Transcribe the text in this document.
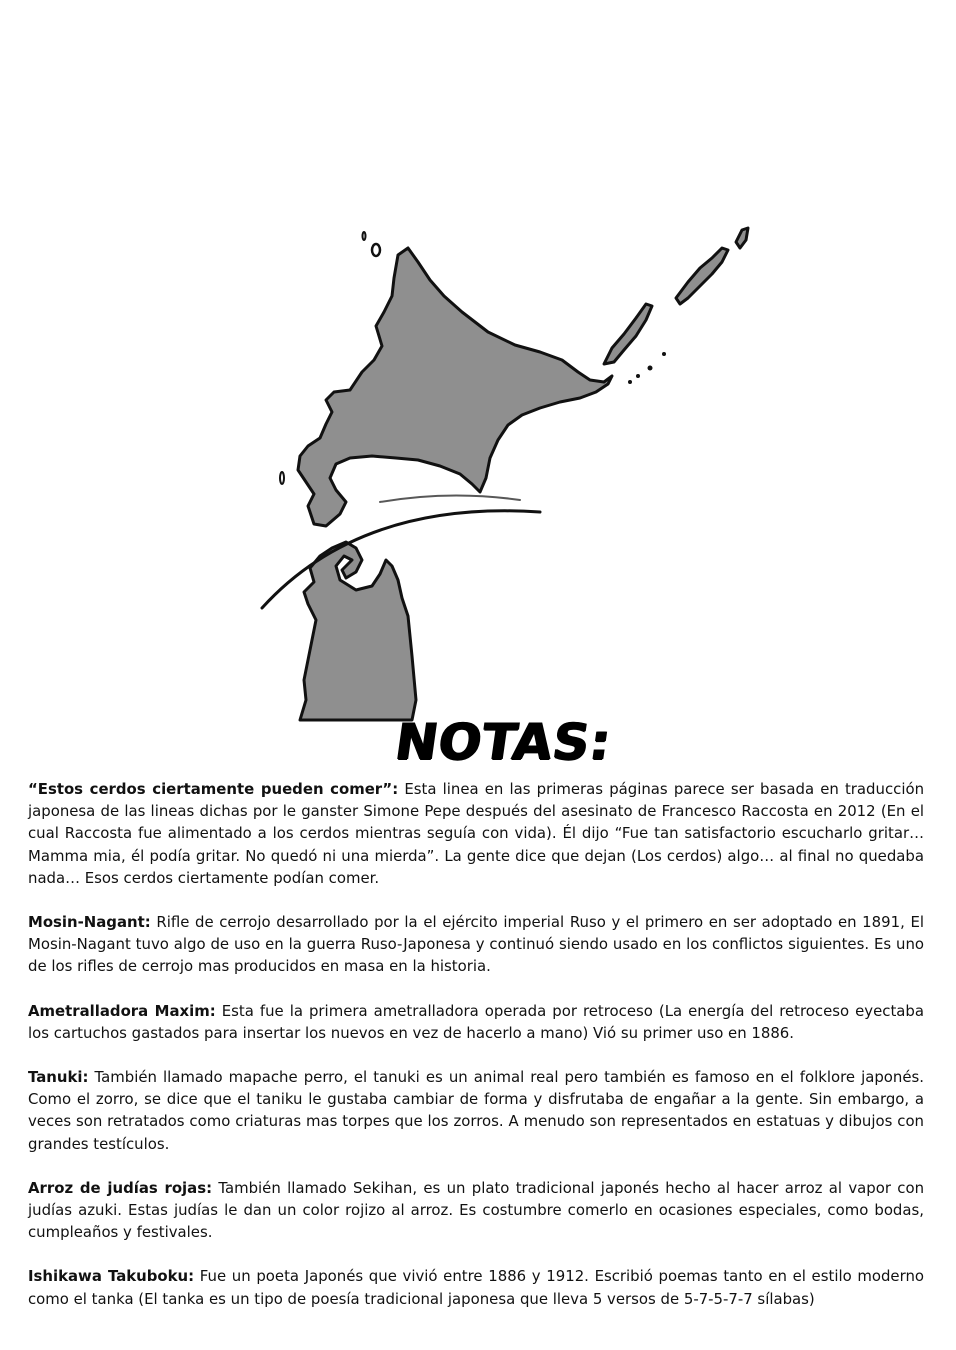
NOTAS:

“Estos cerdos ciertamente pueden comer”: Esta linea en las primeras páginas parece ser basada en traducción japonesa de las lineas dichas por le ganster Simone Pepe después del asesinato de Francesco Raccosta en 2012 (En el cual Raccosta fue alimentado a los cerdos mientras seguía con vida). Él dijo “Fue tan satisfactorio escucharlo gritar… Mamma mia, él podía gritar. No quedó ni una mierda”. La gente dice que dejan (Los cerdos) algo… al final no quedaba nada… Esos cerdos ciertamente podían comer.

Mosin-Nagant: Rifle de cerrojo desarrollado por la el ejército imperial Ruso y el primero en ser adoptado en 1891, El Mosin-Nagant tuvo algo de uso en la guerra Ruso-Japonesa y continuó siendo usado en los conflictos siguientes. Es uno de los rifles de cerrojo mas producidos en masa en la historia.

Ametralladora Maxim: Esta fue la primera ametralladora operada por retroceso (La energía del retroceso eyectaba los cartuchos gastados para insertar los nuevos en vez de hacerlo a mano) Vió su primer uso en 1886.

Tanuki: También llamado mapache perro, el tanuki es un animal real pero también es famoso en el folklore japonés. Como el zorro, se dice que el taniku le gustaba cambiar de forma y disfrutaba de engañar a la gente. Sin embargo, a veces son retratados como criaturas mas torpes que los zorros. A menudo son representados en estatuas y dibujos con grandes testículos.

Arroz de judías rojas: También llamado Sekihan, es un plato tradicional japonés hecho al hacer arroz al vapor con judías azuki. Estas judías le dan un color rojizo al arroz. Es costumbre comerlo en ocasiones especiales, como bodas, cumpleaños y festivales.

Ishikawa Takuboku: Fue un poeta Japonés que vivió entre 1886 y 1912. Escribió poemas tanto en el estilo moderno como el tanka (El tanka es un tipo de poesía tradicional japonesa que lleva 5 versos de 5-7-5-7-7 sílabas)
